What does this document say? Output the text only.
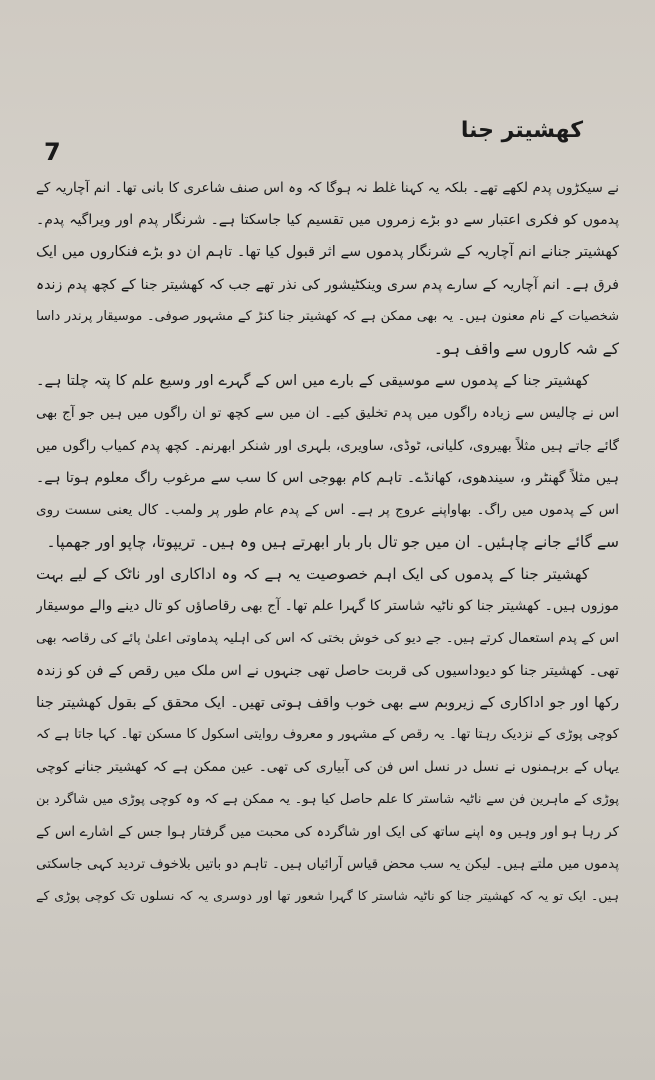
7
کھشیتر جنا
نے سیکڑوں پدم لکھے تھے۔ بلکہ یہ کہنا غلط نہ ہوگا کہ وہ اس صنف شاعری کا بانی تھا۔ انم آچاریہ کے
پدموں کو فکری اعتبار سے دو بڑے زمروں میں تقسیم کیا جاسکتا ہے۔ شرنگار پدم اور ویراگیہ پدم۔
کھشیتر جنانے انم آچاریہ کے شرنگار پدموں سے اثر قبول کیا تھا۔ تاہم ان دو بڑے فنکاروں میں ایک
فرق ہے۔ انم آچاریہ کے سارے پدم سری وینکٹیشور کی نذر تھے جب کہ کھشیتر جنا کے کچھ پدم زندہ
شخصیات کے نام معنون ہیں۔ یہ بھی ممکن ہے کہ کھشیتر جنا کنڑ کے مشہور صوفی۔ موسیقار پرندر داسا
کے شہ کاروں سے واقف ہو۔
کھشیتر جنا کے پدموں سے موسیقی کے بارے میں اس کے گہرے اور وسیع علم کا پتہ چلتا ہے۔
اس نے چالیس سے زیادہ راگوں میں پدم تخلیق کیے۔ ان میں سے کچھ تو ان راگوں میں ہیں جو آج بھی
گائے جاتے ہیں مثلاً بھیروی، کلیانی، ٹوڈی، ساویری، بلہری اور شنکر ابھرنم۔ کچھ پدم کمیاب راگوں میں
ہیں مثلاً گھنٹر و، سیندھوی، کھانڈے۔ تاہم کام بھوجی اس کا سب سے مرغوب راگ معلوم ہوتا ہے۔
اس کے پدموں میں راگ۔ بھاواپنے عروج پر ہے۔ اس کے پدم عام طور پر ولمب۔ کال یعنی سست روی
سے گائے جانے چاہئیں۔ ان میں جو تال بار بار ابھرتے ہیں وہ ہیں۔ تریپوتا، چاپو اور جھمپا۔
کھشیتر جنا کے پدموں کی ایک اہم خصوصیت یہ ہے کہ وہ اداکاری اور ناٹک کے لیے بہت
موزوں ہیں۔ کھشیتر جنا کو ناٹیہ شاستر کا گہرا علم تھا۔ آج بھی رقاصاؤں کو تال دینے والے موسیقار
اس کے پدم استعمال کرتے ہیں۔ جے دیو کی خوش بختی کہ اس کی اہلیہ پدماوتی اعلیٰ پائے کی رقاصہ بھی
تھی۔ کھشیتر جنا کو دیوداسیوں کی قربت حاصل تھی جنہوں نے اس ملک میں رقص کے فن کو زندہ
رکھا اور جو اداکاری کے زیروبم سے بھی خوب واقف ہوتی تھیں۔ ایک محقق کے بقول کھشیتر جنا
کوچی پوڑی کے نزدیک رہتا تھا۔ یہ رقص کے مشہور و معروف روایتی اسکول کا مسکن تھا۔ کہا جاتا ہے کہ
یہاں کے برہمنوں نے نسل در نسل اس فن کی آبیاری کی تھی۔ عین ممکن ہے کہ کھشیتر جنانے کوچی
پوڑی کے ماہرین فن سے ناٹیہ شاستر کا علم حاصل کیا ہو۔ یہ ممکن ہے کہ وہ کوچی پوڑی میں شاگرد بن
کر رہا ہو اور وہیں وہ اپنے ساتھ کی ایک اور شاگردہ کی محبت میں گرفتار ہوا جس کے اشارے اس کے
پدموں میں ملتے ہیں۔ لیکن یہ سب محض قیاس آرائیاں ہیں۔ تاہم دو باتیں بلاخوف تردید کہی جاسکتی
ہیں۔ ایک تو یہ کہ کھشیتر جنا کو ناٹیہ شاستر کا گہرا شعور تھا اور دوسری یہ کہ نسلوں تک کوچی پوڑی کے
